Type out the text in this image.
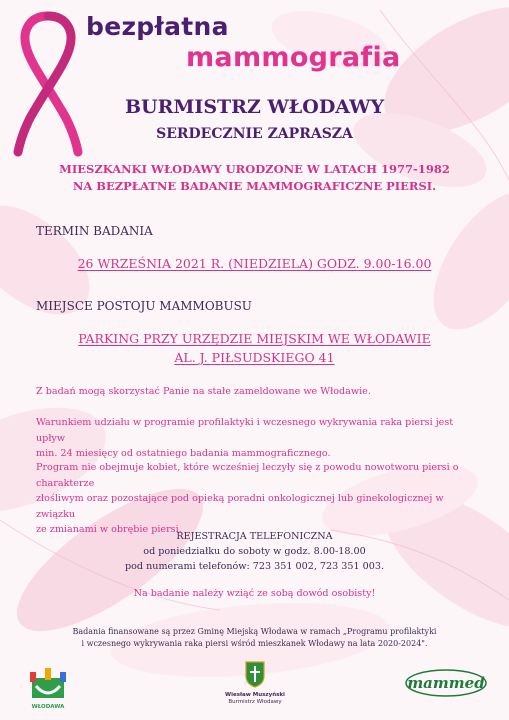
bezpłatna
mammografia
BURMISTRZ WŁODAWY
SERDECZNIE ZAPRASZA
MIESZKANKI WŁODAWY URODZONE W LATACH 1977-1982
NA BEZPŁATNE BADANIE MAMMOGRAFICZNE PIERSI.
TERMIN BADANIA
26 WRZEŚNIA 2021 R. (NIEDZIELA) GODZ. 9.00-16.00
MIEJSCE POSTOJU MAMMOBUSU
PARKING PRZY URZĘDZIE MIEJSKIM WE WŁODAWIE
AL. J. PIŁSUDSKIEGO 41
Z badań mogą skorzystać Panie na stałe zameldowane we Włodawie.
Warunkiem udziału w programie profilaktyki i wczesnego wykrywania raka piersi jest upływ
min. 24 miesięcy od ostatniego badania mammograficznego.
Program nie obejmuje kobiet, które wcześniej leczyły się z powodu nowotworu piersi o charakterze
złośliwym oraz pozostające pod opieką poradni onkologicznej lub ginekologicznej w związku
ze zmianami w obrębie piersi.
REJESTRACJA TELEFONICZNA
od poniedziałku do soboty w godz. 8.00-18.00
pod numerami telefonów: 723 351 002, 723 351 003.
Na badanie należy wziąć ze sobą dowód osobisty!
Badania finansowane są przez Gminę Miejską Włodawa w ramach „Programu profilaktyki
i wczesnego wykrywania raka piersi wśród mieszkanek Włodawy na lata 2020-2024".
WŁODAWA
Wiesław Muszyński
Burmistrz Włodawy
mammed
